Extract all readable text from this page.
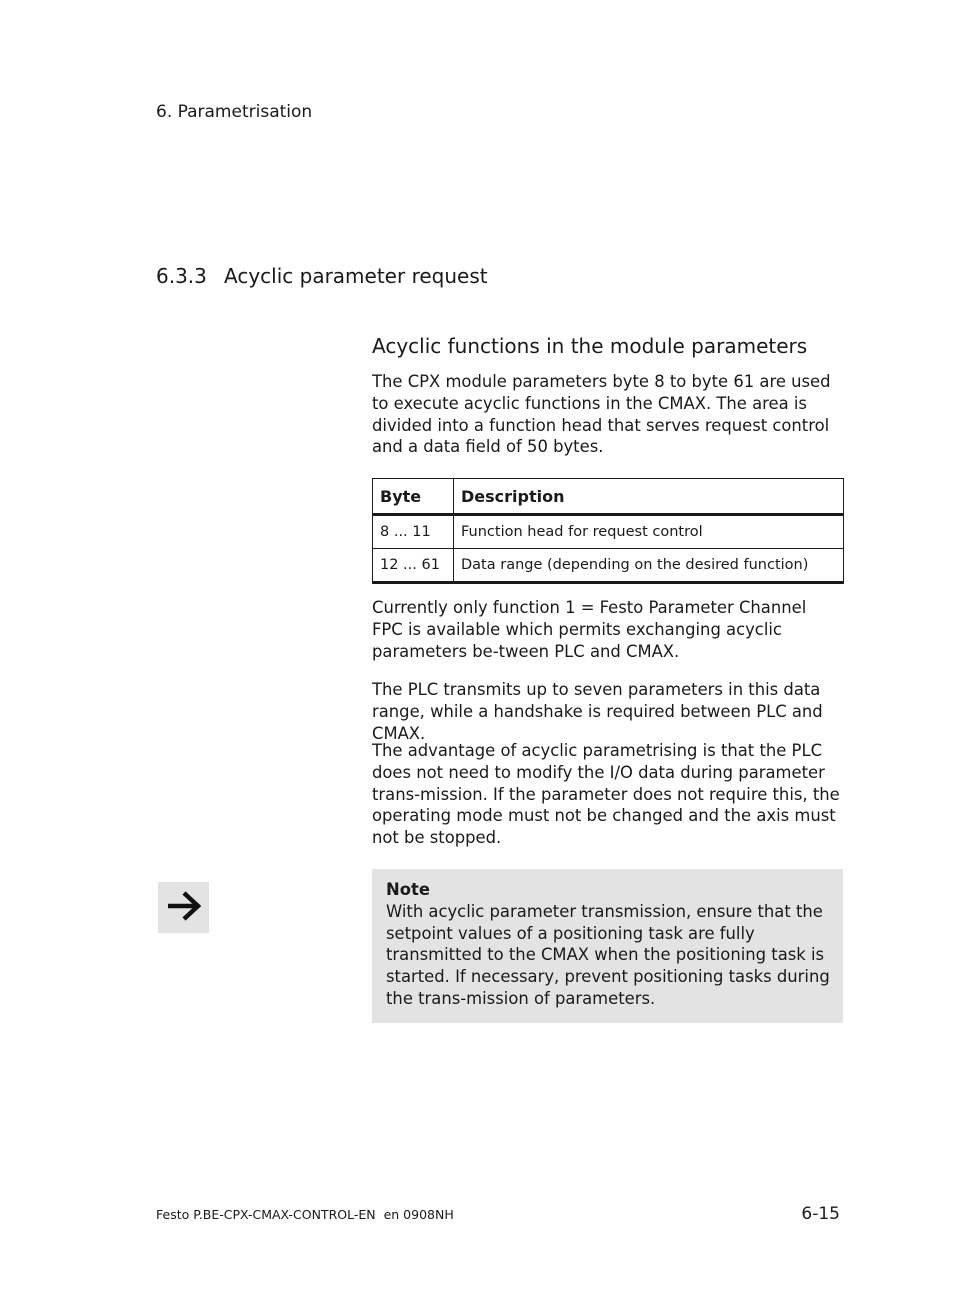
6. Parametrisation
6.3.3 Acyclic parameter request
Acyclic functions in the module parameters
The CPX module parameters byte 8 to byte 61 are used to execute acyclic functions in the CMAX. The area is divided into a function head that serves request control and a data field of 50 bytes.
Byte	Description
8 ... 11	Function head for request control
12 ... 61	Data range (depending on the desired function)
Currently only function 1 = Festo Parameter Channel FPC is available which permits exchanging acyclic parameters be-tween PLC and CMAX.
The PLC transmits up to seven parameters in this data range, while a handshake is required between PLC and CMAX.
The advantage of acyclic parametrising is that the PLC does not need to modify the I/O data during parameter trans-mission. If the parameter does not require this, the operating mode must not be changed and the axis must not be stopped.
Note
With acyclic parameter transmission, ensure that the setpoint values of a positioning task are fully transmitted to the CMAX when the positioning task is started. If necessary, prevent positioning tasks during the trans-mission of parameters.
Festo P.BE-CPX-CMAX-CONTROL-EN en 0908NH	6-15
